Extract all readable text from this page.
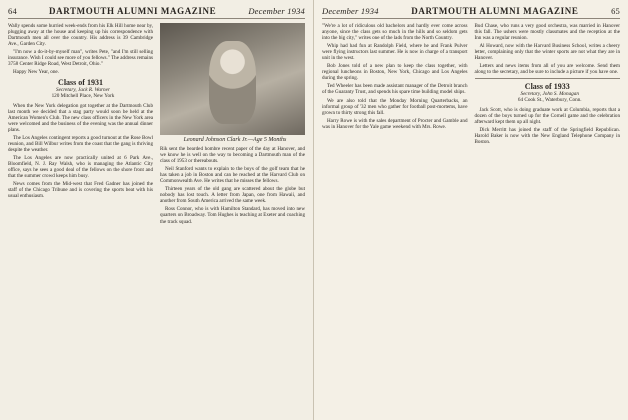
64	DARTMOUTH ALUMNI MAGAZINE	December 1934

Wally spends some hurried week-ends from his Elk Hill home near by, plugging away at the house and keeping up his correspondence with Dartmouth men all over the country. His address is 39 Cambridge Ave., Garden City.

"I'm now a do-it-by-myself man", writes Pete, "and I'm still selling insurance. Wish I could see more of you fellows." The address remains 3758 Center Ridge Road, West Detroit, Ohio."

Happy New Year, one.

Class of 1931

Secretary, Jack R. Warner

120 Mitchell Place, New York

When the New York delegation got together at the Dartmouth Club last month we decided that a stag party would soon be held at the American Women's Club. The new class officers in the New York area were welcomed and the business of the evening was the annual dinner plans.

The Los Angeles contingent reports a good turnout at the Rose Bowl reunion, and Bill Wilbur writes from the coast that the gang is thriving despite the weather.

The Los Angeles are now practically united at 6 Park Ave., Bloomfield, N. J. Ray Walsh, who is managing the Atlantic City office, says he sees a good deal of the fellows on the shore front and that the summer crowd keeps him busy.

News comes from the Mid-west that Fred Gadner has joined the staff of the Chicago Tribune and is covering the sports beat with his usual enthusiasm.

Leonard Johnson Clark Jr.—Age 5 Months

Rik sent the bearded hombre recent paper of the day at Hanover, and we know he is well on the way to becoming a Dartmouth man of the class of 1953 or thereabouts.

Neil Stanford wants to explain to the boys of the golf team that he has taken a job in Boston and can be reached at the Harvard Club on Commonwealth Ave. He writes that he misses the fellows.

Thirteen years of the old gang are scattered about the globe but nobody has lost touch. A letter from Japan, one from Hawaii, and another from South America arrived the same week.

Ross Connor, who is with Hamilton Standard, has moved into new quarters on Broadway. Tom Hughes is teaching at Exeter and coaching the track squad.

December 1934	DARTMOUTH ALUMNI MAGAZINE	65

"We're a lot of ridiculous old bachelors and hardly ever come across anyone, since the class gets so much in the hills and so seldom gets into the big city," writes one of the lads from the North Country.

Whip had had fun at Randolph Field, where he and Frank Pulver were flying instructors last summer. He is now in charge of a transport unit in the west.

Bob Jones told of a new plan to keep the class together, with regional luncheons in Boston, New York, Chicago and Los Angeles during the spring.

Ted Wheeler has been made assistant manager of the Detroit branch of the Guaranty Trust, and spends his spare time building model ships.

We are also told that the Monday Morning Quarterbacks, an informal group of '32 men who gather for football post-mortems, have grown to thirty strong this fall.

Harry Rowe is with the sales department of Procter and Gamble and was in Hanover for the Yale game weekend with Mrs. Rowe.

Bud Chase, who runs a very good orchestra, was married in Hanover this fall. The ushers were mostly classmates and the reception at the Inn was a regular reunion.

Al Howard, now with the Harvard Business School, writes a cheery letter, complaining only that the winter sports are not what they are in Hanover.

Letters and news items from all of you are welcome. Send them along to the secretary, and be sure to include a picture if you have one.

Class of 1933

Secretary, John S. Monagan

64 Cook St., Waterbury, Conn.

Jack Scott, who is doing graduate work at Columbia, reports that a dozen of the boys turned up for the Cornell game and the celebration afterward kept them up all night.

Dick Merritt has joined the staff of the Springfield Republican. Harold Baker is now with the New England Telephone Company in Boston.
